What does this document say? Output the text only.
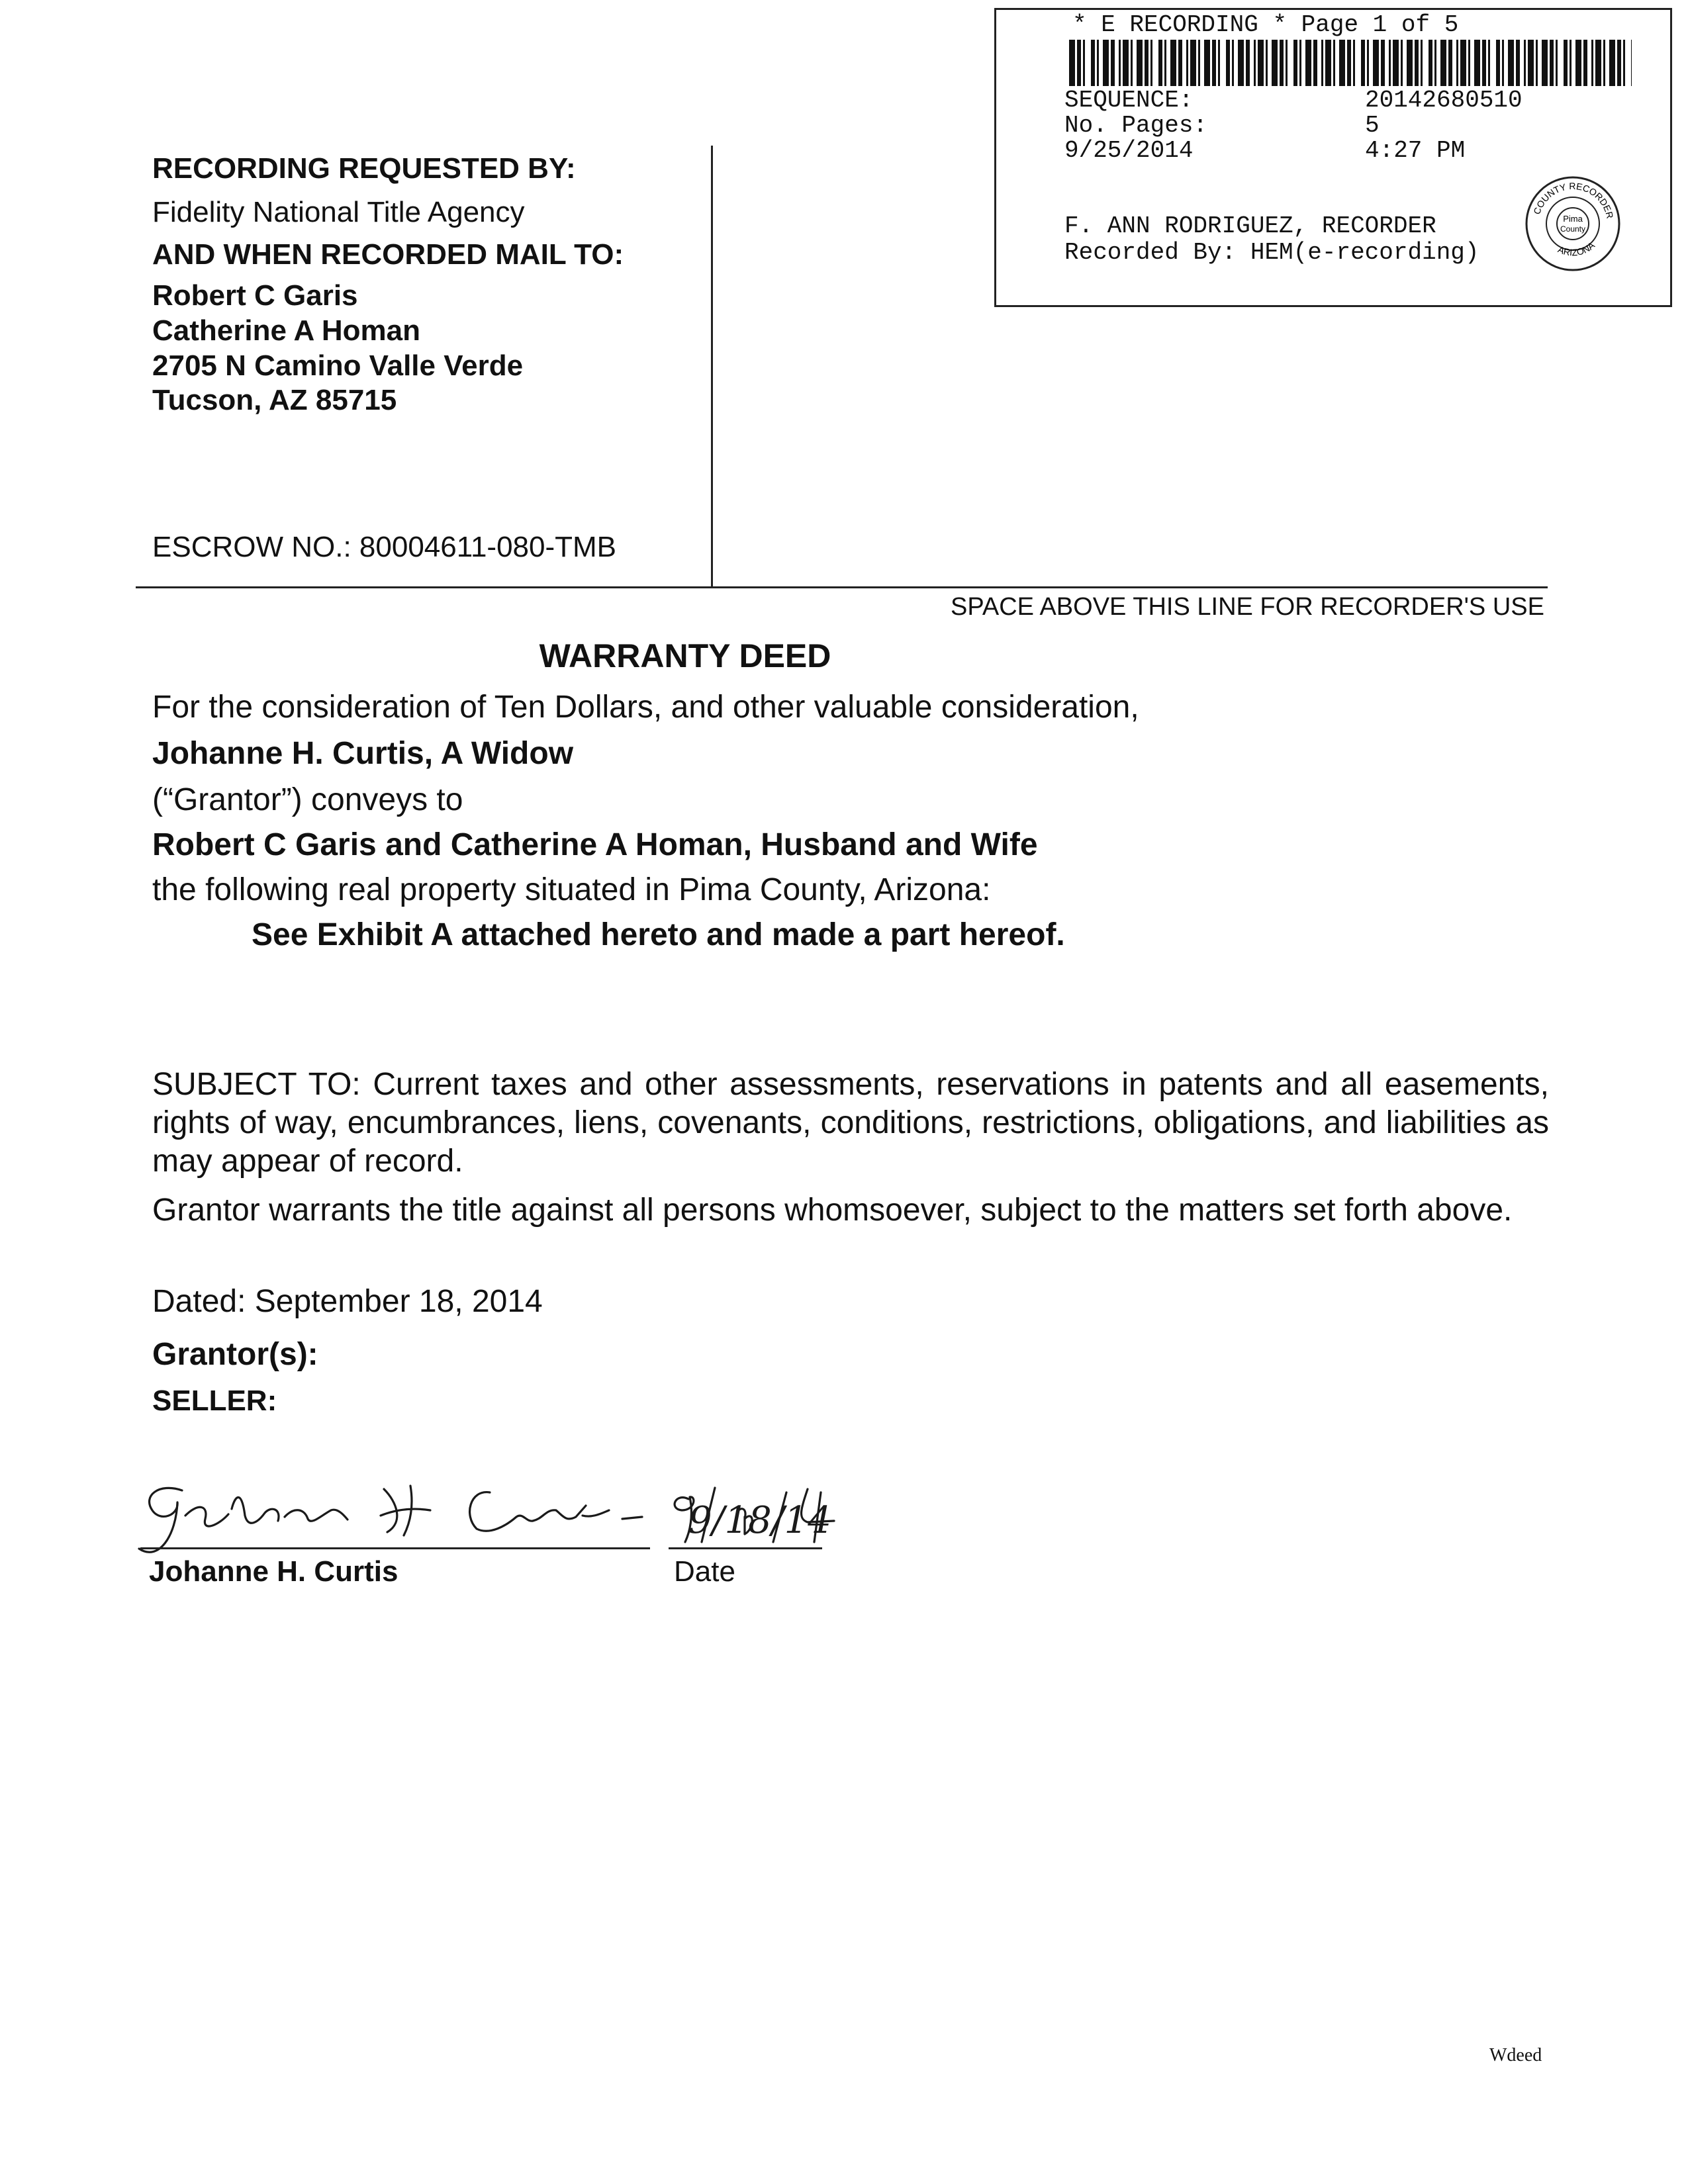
* E RECORDING * Page 1 of 5
SEQUENCE:	20142680510
No. Pages:	5
9/25/2014	4:27 PM
F. ANN RODRIGUEZ, RECORDER
Recorded By: HEM(e-recording)
Pima
County
COUNTY RECORDER
ARIZONA
RECORDING REQUESTED BY:
Fidelity National Title Agency
AND WHEN RECORDED MAIL TO:
Robert C Garis
Catherine A Homan
2705 N Camino Valle Verde
Tucson, AZ 85715
ESCROW NO.: 80004611-080-TMB
SPACE ABOVE THIS LINE FOR RECORDER'S USE
WARRANTY DEED
For the consideration of Ten Dollars, and other valuable consideration,
Johanne H. Curtis, A Widow
(“Grantor”) conveys to
Robert C Garis and Catherine A Homan, Husband and Wife
the following real property situated in Pima County, Arizona:
See Exhibit A attached hereto and made a part hereof.
SUBJECT TO: Current taxes and other assessments, reservations in patents and all easements, rights of way, encumbrances, liens, covenants, conditions, restrictions, obligations, and liabilities as may appear of record.
Grantor warrants the title against all persons whomsoever, subject to the matters set forth above.
Dated: September 18, 2014
Grantor(s):
SELLER:
Johanne H. Curtis	Date
9/18/14
Wdeed
